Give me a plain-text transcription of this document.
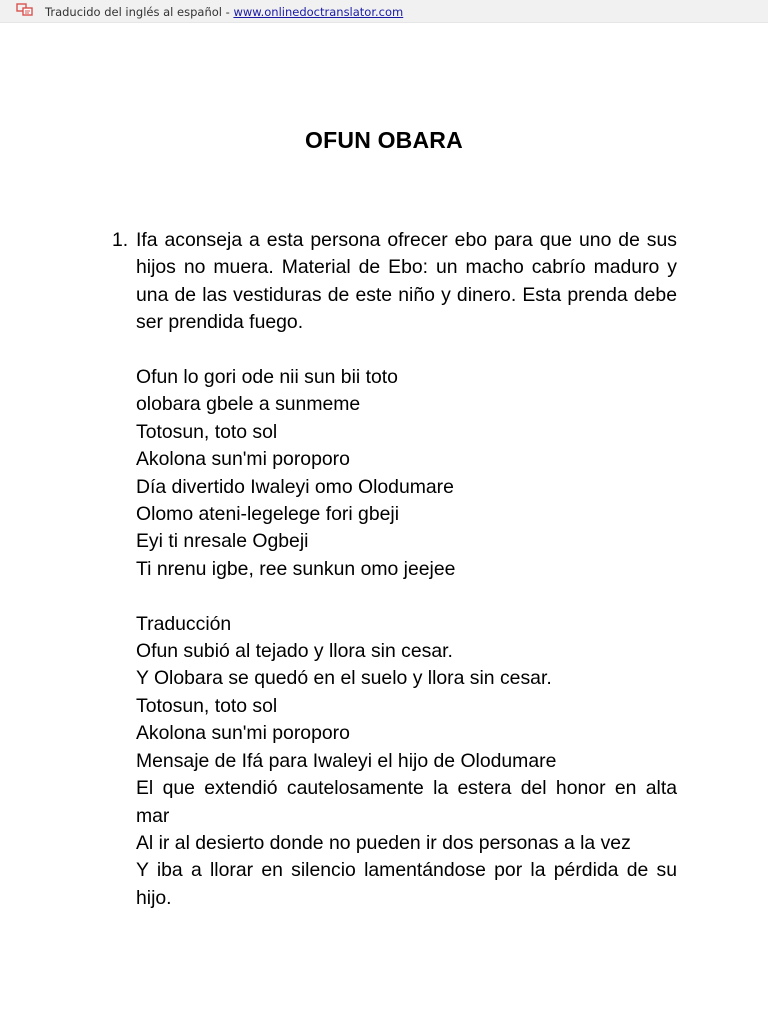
Traducido del inglés al español - www.onlinedoctranslator.com
OFUN OBARA
1. Ifa aconseja a esta persona ofrecer ebo para que uno de sus hijos no muera. Material de Ebo: un macho cabrío maduro y una de las vestiduras de este niño y dinero. Esta prenda debe ser prendida fuego.

Ofun lo gori ode nii sun bii toto
olobara gbele a sunmeme
Totosun, toto sol
Akolona sun'mi poroporo
Día divertido Iwaleyi omo Olodumare
Olomo ateni-legelege fori gbeji
Eyi ti nresale Ogbeji
Ti nrenu igbe, ree sunkun omo jeejee
Traducción
Ofun subió al tejado y llora sin cesar.
Y Olobara se quedó en el suelo y llora sin cesar.
Totosun, toto sol
Akolona sun'mi poroporo
Mensaje de Ifá para Iwaleyi el hijo de Olodumare
El que extendió cautelosamente la estera del honor en alta mar
Al ir al desierto donde no pueden ir dos personas a la vez
Y iba a llorar en silencio lamentándose por la pérdida de su hijo.
